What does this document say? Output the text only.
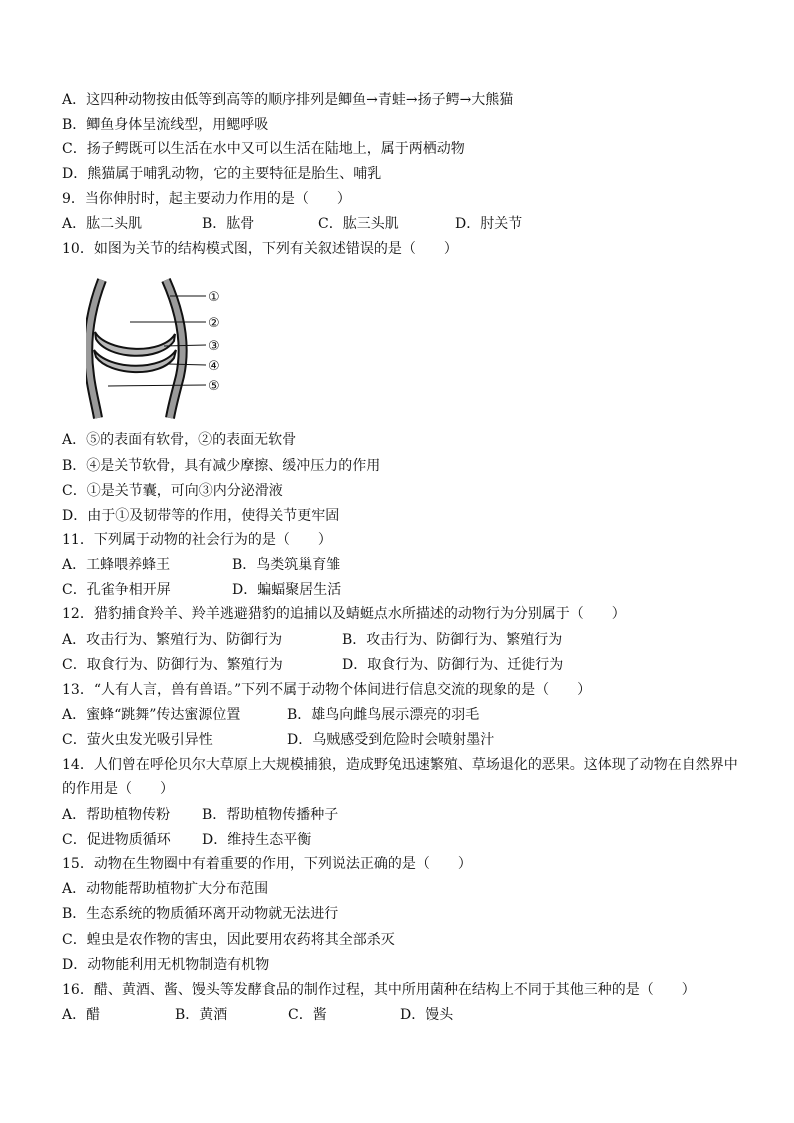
A．这四种动物按由低等到高等的顺序排列是鲫鱼→青蛙→扬子鳄→大熊猫
B．鲫鱼身体呈流线型，用鳃呼吸
C．扬子鳄既可以生活在水中又可以生活在陆地上，属于两栖动物
D．熊猫属于哺乳动物，它的主要特征是胎生、哺乳
9．当你伸肘时，起主要动力作用的是（　　）
A．肱二头肌	B．肱骨	C．肱三头肌	D．肘关节
10．如图为关节的结构模式图，下列有关叙述错误的是（　　）
①
②
③
④
⑤
A．⑤的表面有软骨，②的表面无软骨
B．④是关节软骨，具有减少摩擦、缓冲压力的作用
C．①是关节囊，可向③内分泌滑液
D．由于①及韧带等的作用，使得关节更牢固
11．下列属于动物的社会行为的是（　　）
A．工蜂喂养蜂王	B．鸟类筑巢育雏
C．孔雀争相开屏	D．蝙蝠聚居生活
12．猎豹捕食羚羊、羚羊逃避猎豹的追捕以及蜻蜓点水所描述的动物行为分别属于（　　）
A．攻击行为、繁殖行为、防御行为	B．攻击行为、防御行为、繁殖行为
C．取食行为、防御行为、繁殖行为	D．取食行为、防御行为、迁徙行为
13．“人有人言，兽有兽语。”下列不属于动物个体间进行信息交流的现象的是（　　）
A．蜜蜂“跳舞”传达蜜源位置	B．雄鸟向雌鸟展示漂亮的羽毛
C．萤火虫发光吸引异性	D．乌贼感受到危险时会喷射墨汁
14．人们曾在呼伦贝尔大草原上大规模捕狼，造成野兔迅速繁殖、草场退化的恶果。这体现了动物在自然界中
的作用是（　　）
A．帮助植物传粉 B．帮助植物传播种子
C．促进物质循环 D．维持生态平衡
15．动物在生物圈中有着重要的作用，下列说法正确的是（　　）
A．动物能帮助植物扩大分布范围
B．生态系统的物质循环离开动物就无法进行
C．蝗虫是农作物的害虫，因此要用农药将其全部杀灭
D．动物能利用无机物制造有机物
16．醋、黄酒、酱、馒头等发酵食品的制作过程，其中所用菌种在结构上不同于其他三种的是（　　）
A．醋	B．黄酒	C．酱	D．馒头
